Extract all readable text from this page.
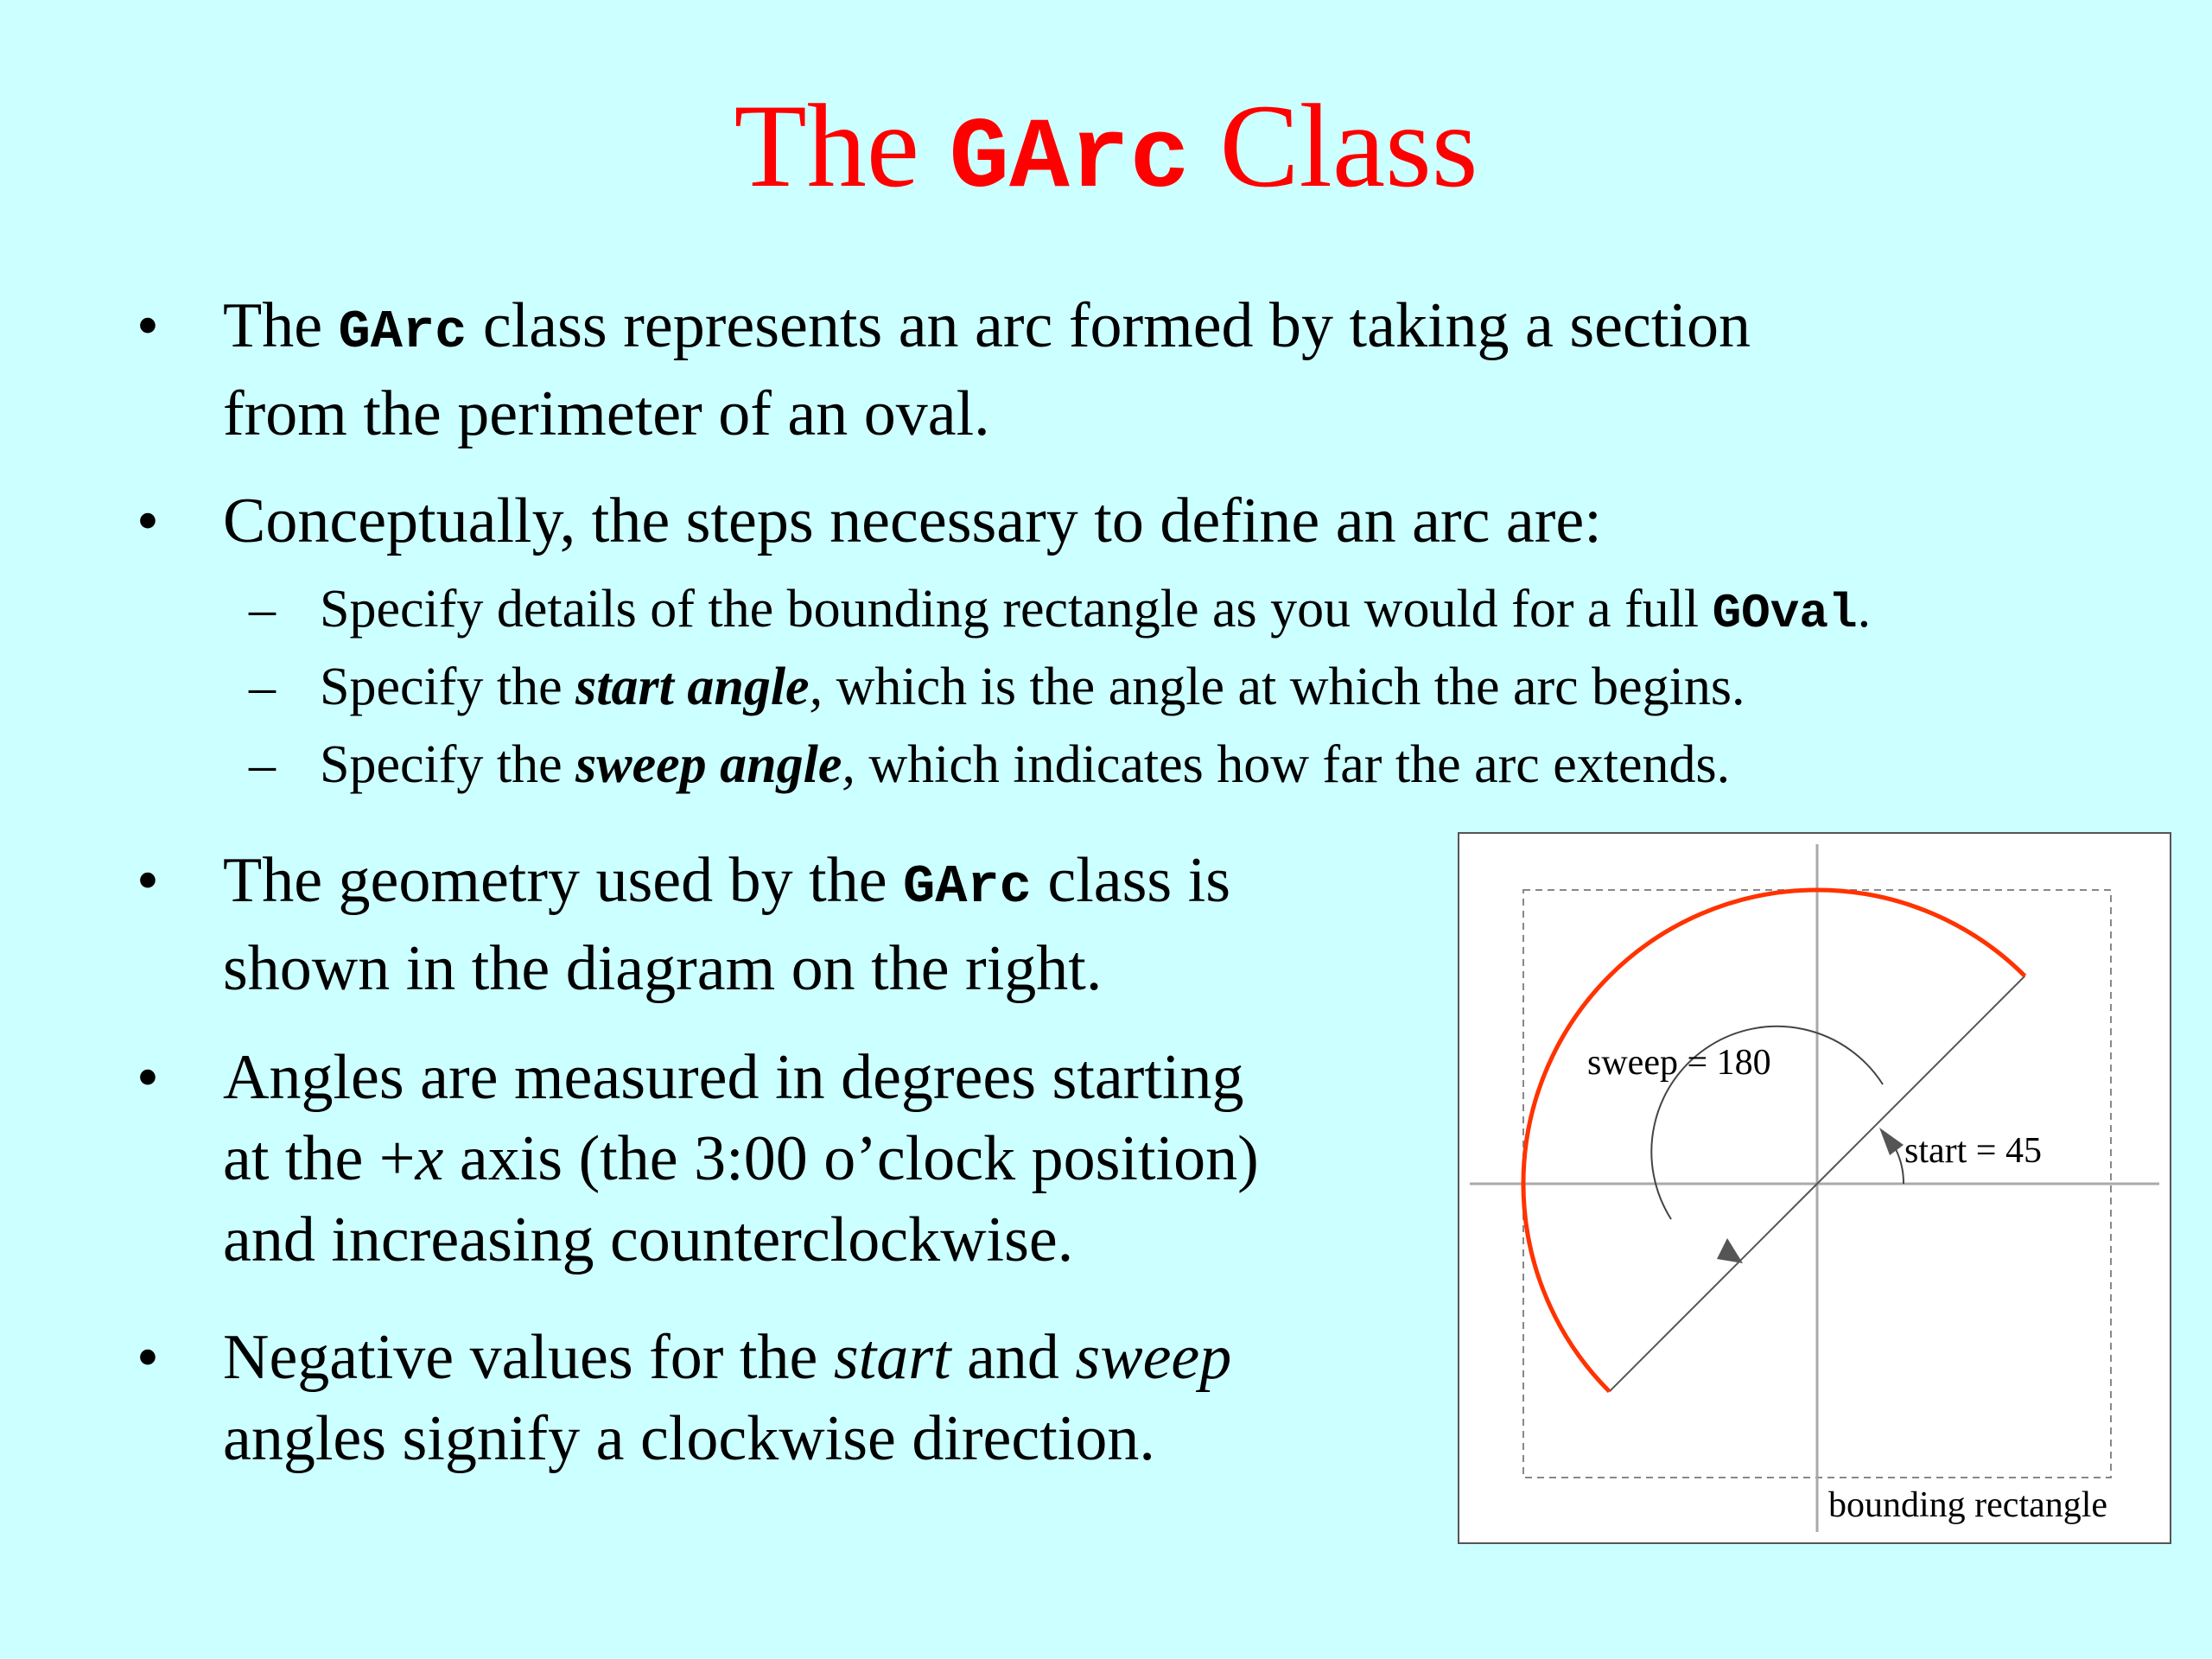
The GArc Class
•	The GArc class represents an arc formed by taking a section
from the perimeter of an oval.
•	Conceptually, the steps necessary to define an arc are:
– Specify details of the bounding rectangle as you would for a full GOval.
– Specify the start angle, which is the angle at which the arc begins.
– Specify the sweep angle, which indicates how far the arc extends.
•	The geometry used by the GArc class is
shown in the diagram on the right.
•	Angles are measured in degrees starting
at the +x axis (the 3:00 o’clock position)
and increasing counterclockwise.
•	Negative values for the start and sweep
angles signify a clockwise direction.
sweep = 180
start = 45
bounding rectangle
